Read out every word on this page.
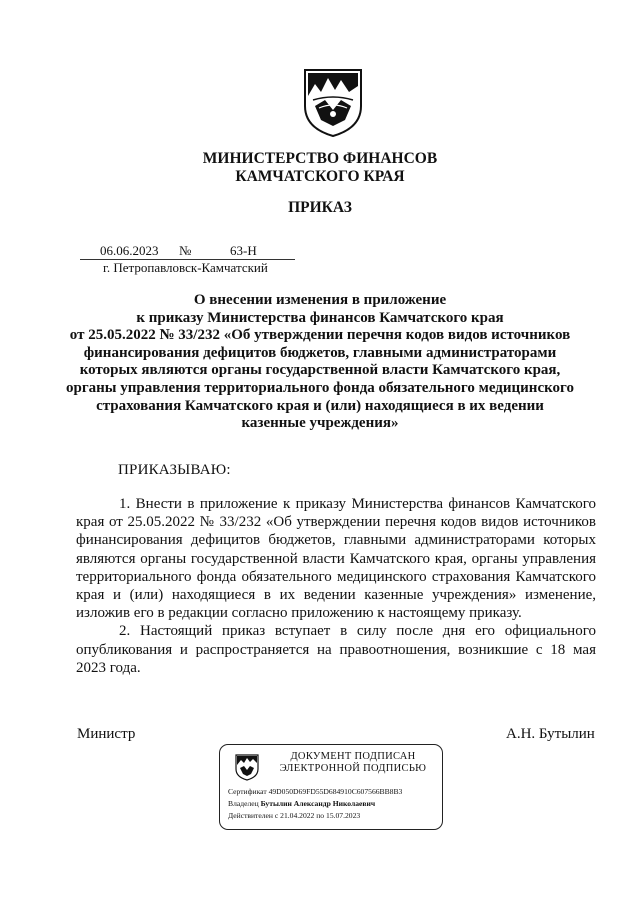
МИНИСТЕРСТВО ФИНАНСОВ
КАМЧАТСКОГО КРАЯ
ПРИКАЗ
06.06.2023 №	63-Н
г. Петропавловск-Камчатский
О внесении изменения в приложение
к приказу Министерства финансов Камчатского края
от 25.05.2022 № 33/232 «Об утверждении перечня кодов видов источников
финансирования дефицитов бюджетов, главными администраторами
которых являются органы государственной власти Камчатского края,
органы управления территориального фонда обязательного медицинского
страхования Камчатского края и (или) находящиеся в их ведении
казенные учреждения»
ПРИКАЗЫВАЮ:

1. Внести в приложение к приказу Министерства финансов Камчатского края от 25.05.2022 № 33/232 «Об утверждении перечня кодов видов источников финансирования дефицитов бюджетов, главными администраторами которых являются органы государственной власти Камчатского края, органы управления территориального фонда обязательного медицинского страхования Камчатского края и (или) находящиеся в их ведении казенные учреждения» изменение, изложив его в редакции согласно приложению к настоящему приказу.

2. Настоящий приказ вступает в силу после дня его официального опубликования и распространяется на правоотношения, возникшие с 18 мая 2023 года.

Министр	А.Н. Бутылин
ДОКУМЕНТ ПОДПИСАН
ЭЛЕКТРОННОЙ ПОДПИСЬЮ
Сертификат 49D050D69FD55D684910C607566BB8B3
Владелец Бутылин Александр Николаевич
Действителен с 21.04.2022 по 15.07.2023
